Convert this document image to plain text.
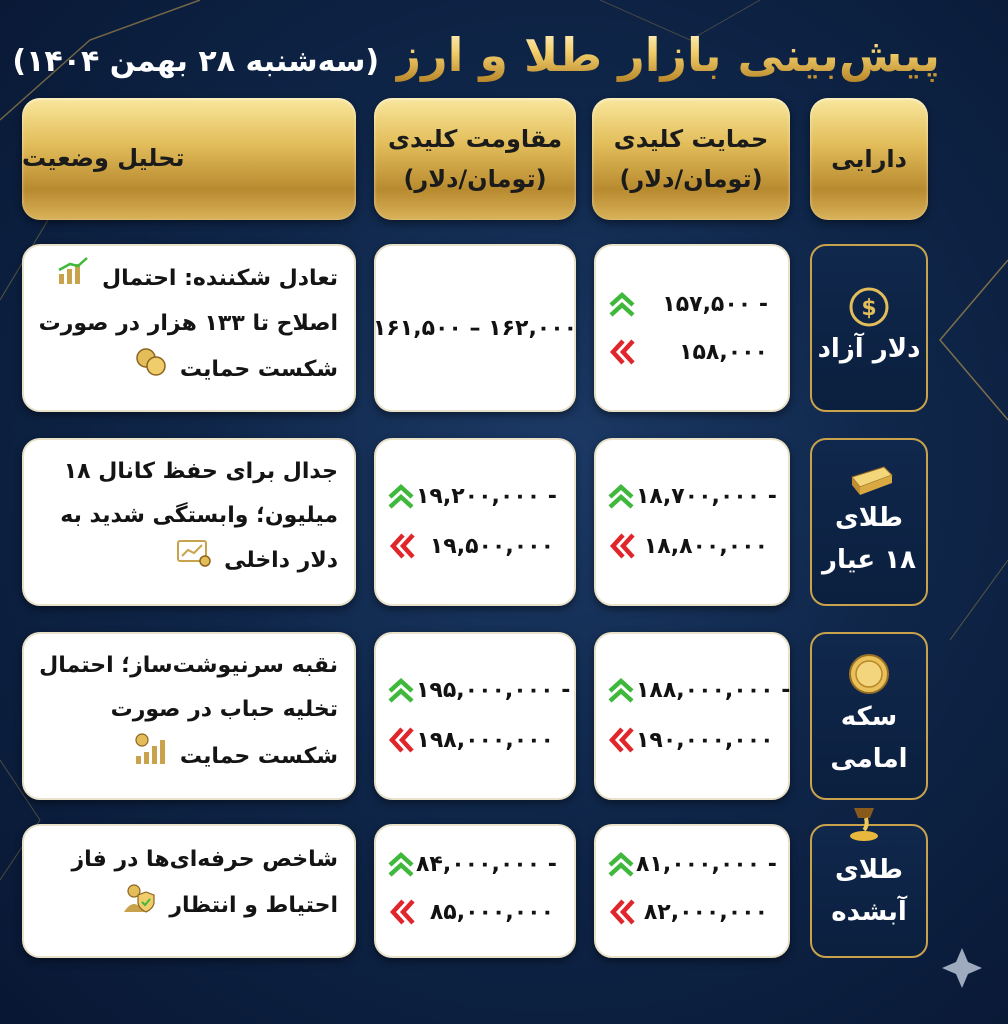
پیش‌بینی بازار طلا و ارز (سه‌شنبه ۲۸ بهمن ۱۴۰۴)
دارایی
حمایت کلیدی
(تومان/دلار)
مقاومت کلیدی
(تومان/دلار)
تحلیل وضعیت
$
دلار آزاد
۱۵۷,۵۰۰ -
۱۵۸,۰۰۰
۱۶۱,۵۰۰ – ۱۶۲,۰۰۰
تعادل شکننده: احتمال
اصلاح تا ۱۳۳ هزار در صورت
شکست حمایت
طلای
۱۸ عیار
۱۸,۷۰۰,۰۰۰ -
۱۸,۸۰۰,۰۰۰
۱۹,۲۰۰,۰۰۰ -
۱۹,۵۰۰,۰۰۰
جدال برای حفظ کانال ۱۸
میلیون؛ وابستگی شدید به
دلار داخلی
سکه
امامی
۱۸۸,۰۰۰,۰۰۰ -
۱۹۰,۰۰۰,۰۰۰
۱۹۵,۰۰۰,۰۰۰ -
۱۹۸,۰۰۰,۰۰۰
نقبه سرنیوشت‌ساز؛ احتمال
تخلیه حباب در صورت
شکست حمایت
طلای
آبشده
۸۱,۰۰۰,۰۰۰ -
۸۲,۰۰۰,۰۰۰
۸۴,۰۰۰,۰۰۰ -
۸۵,۰۰۰,۰۰۰
شاخص حرفه‌ای‌ها در فاز
احتیاط و انتظار
